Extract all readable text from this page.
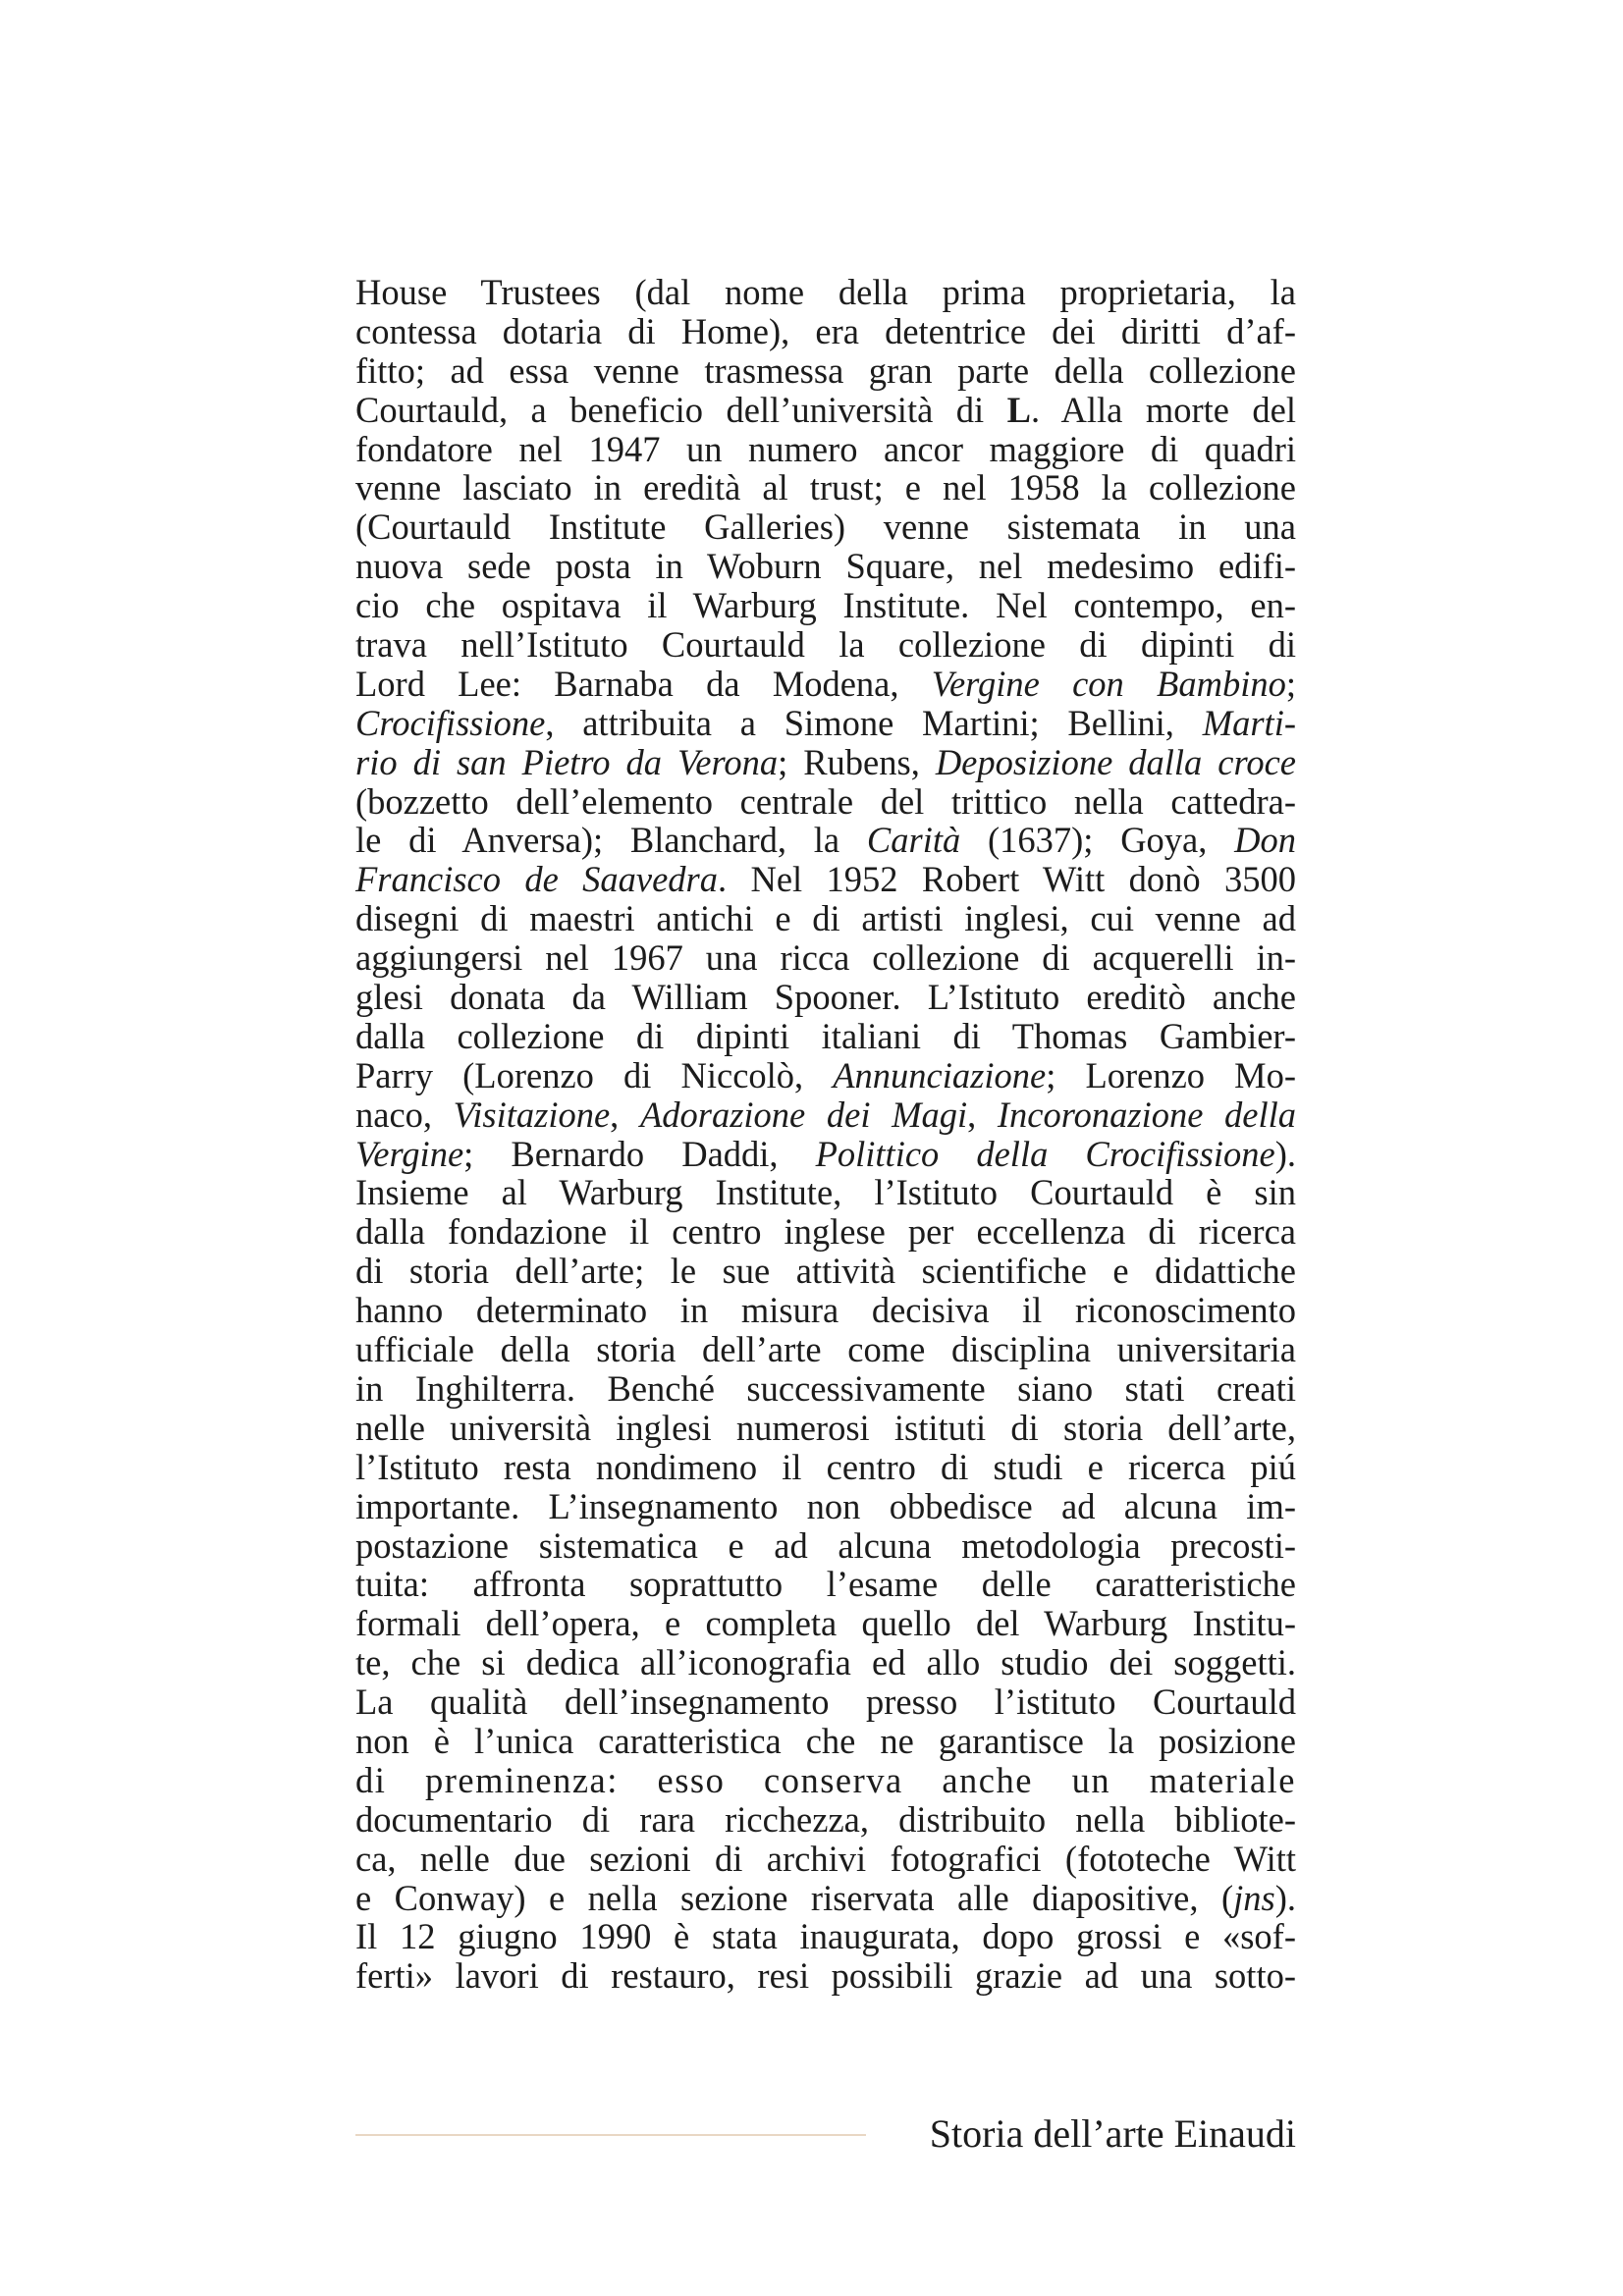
House Trustees (dal nome della prima proprietaria, la
contessa dotaria di Home), era detentrice dei diritti d’af-
fitto; ad essa venne trasmessa gran parte della collezione
Courtauld, a beneficio dell’università di L. Alla morte del
fondatore nel 1947 un numero ancor maggiore di quadri
venne lasciato in eredità al trust; e nel 1958 la collezione
(Courtauld Institute Galleries) venne sistemata in una
nuova sede posta in Woburn Square, nel medesimo edifi-
cio che ospitava il Warburg Institute. Nel contempo, en-
trava nell’Istituto Courtauld la collezione di dipinti di
Lord Lee: Barnaba da Modena, Vergine con Bambino;
Crocifissione, attribuita a Simone Martini; Bellini, Marti-
rio di san Pietro da Verona; Rubens, Deposizione dalla croce
(bozzetto dell’elemento centrale del trittico nella cattedra-
le di Anversa); Blanchard, la Carità (1637); Goya, Don
Francisco de Saavedra. Nel 1952 Robert Witt donò 3500
disegni di maestri antichi e di artisti inglesi, cui venne ad
aggiungersi nel 1967 una ricca collezione di acquerelli in-
glesi donata da William Spooner. L’Istituto ereditò anche
dalla collezione di dipinti italiani di Thomas Gambier-
Parry (Lorenzo di Niccolò, Annunciazione; Lorenzo Mo-
naco, Visitazione, Adorazione dei Magi, Incoronazione della
Vergine; Bernardo Daddi, Polittico della Crocifissione).
Insieme al Warburg Institute, l’Istituto Courtauld è sin
dalla fondazione il centro inglese per eccellenza di ricerca
di storia dell’arte; le sue attività scientifiche e didattiche
hanno determinato in misura decisiva il riconoscimento
ufficiale della storia dell’arte come disciplina universitaria
in Inghilterra. Benché successivamente siano stati creati
nelle università inglesi numerosi istituti di storia dell’arte,
l’Istituto resta nondimeno il centro di studi e ricerca piú
importante. L’insegnamento non obbedisce ad alcuna im-
postazione sistematica e ad alcuna metodologia precosti-
tuita: affronta soprattutto l’esame delle caratteristiche
formali dell’opera, e completa quello del Warburg Institu-
te, che si dedica all’iconografia ed allo studio dei soggetti.
La qualità dell’insegnamento presso l’istituto Courtauld
non è l’unica caratteristica che ne garantisce la posizione
di preminenza: esso conserva anche un materiale
documentario di rara ricchezza, distribuito nella bibliote-
ca, nelle due sezioni di archivi fotografici (fototeche Witt
e Conway) e nella sezione riservata alle diapositive, (jns).
Il 12 giugno 1990 è stata inaugurata, dopo grossi e «sof-
ferti» lavori di restauro, resi possibili grazie ad una sotto-
Storia dell’arte Einaudi
